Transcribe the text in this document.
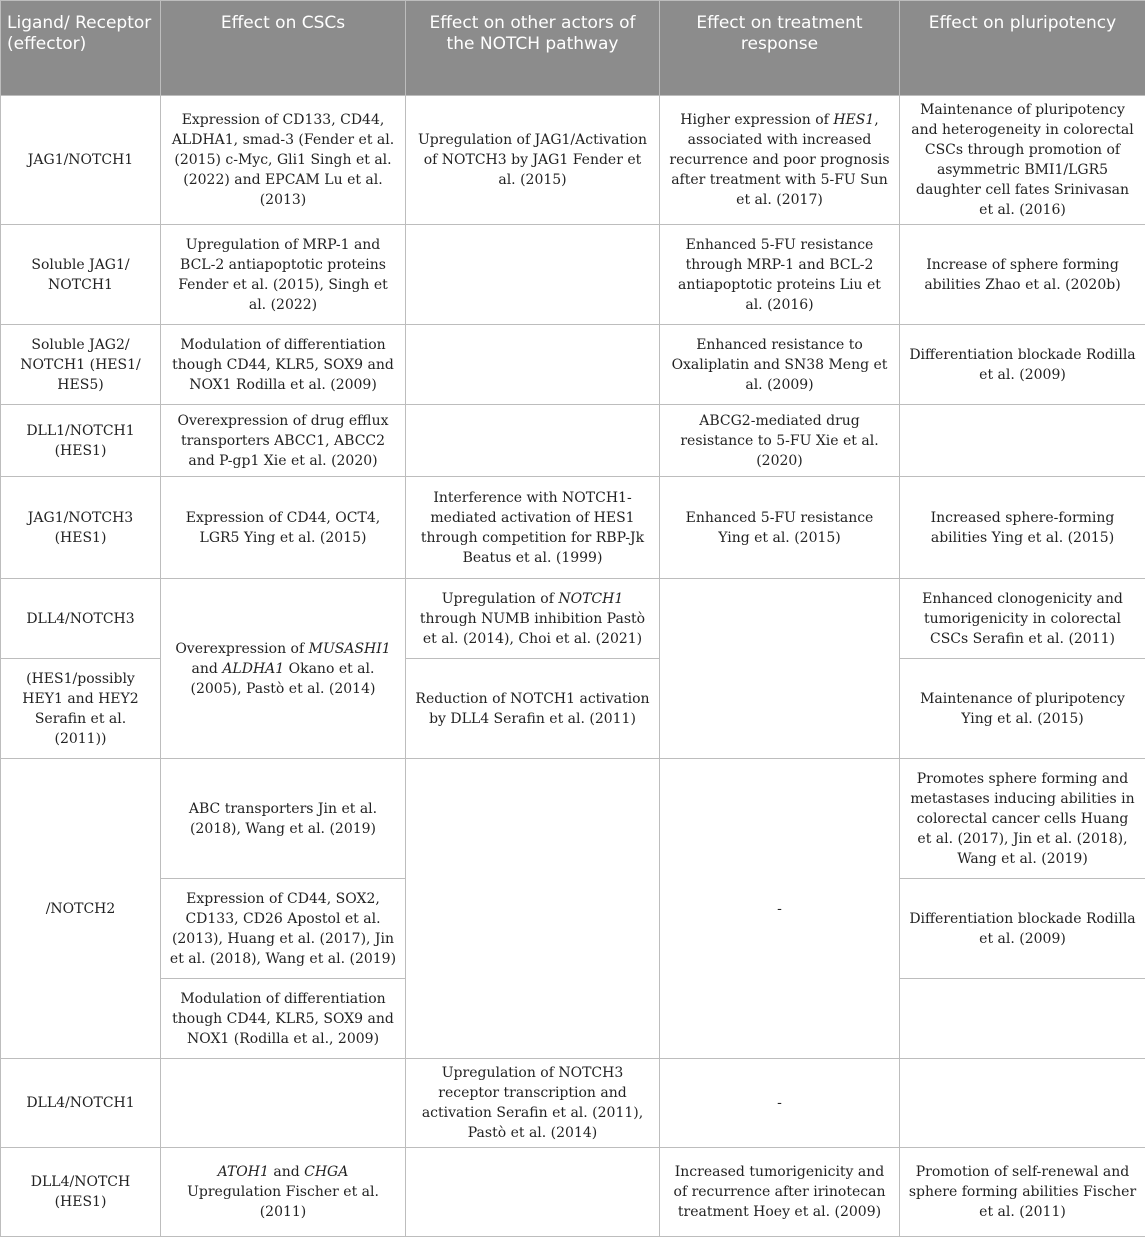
Ligand/ Receptor (effector)	Effect on CSCs	Effect on other actors of the NOTCH pathway	Effect on treatment response	Effect on pluripotency
JAG1/NOTCH1	Expression of CD133, CD44, ALDHA1, smad-3 (Fender et al. (2015) c-Myc, Gli1 Singh et al. (2022) and EPCAM Lu et al. (2013)	Upregulation of JAG1/Activation of NOTCH3 by JAG1 Fender et al. (2015)	Higher expression of HES1, associated with increased recurrence and poor prognosis after treatment with 5-FU Sun et al. (2017)	Maintenance of pluripotency and heterogeneity in colorectal CSCs through promotion of asymmetric BMI1/LGR5 daughter cell fates Srinivasan et al. (2016)
Soluble JAG1/ NOTCH1	Upregulation of MRP-1 and BCL-2 antiapoptotic proteins Fender et al. (2015), Singh et al. (2022)		Enhanced 5-FU resistance through MRP-1 and BCL-2 antiapoptotic proteins Liu et al. (2016)	Increase of sphere forming abilities Zhao et al. (2020b)
Soluble JAG2/ NOTCH1 (HES1/ HES5)	Modulation of differentiation though CD44, KLR5, SOX9 and NOX1 Rodilla et al. (2009)		Enhanced resistance to Oxaliplatin and SN38 Meng et al. (2009)	Differentiation blockade Rodilla et al. (2009)
DLL1/NOTCH1 (HES1)	Overexpression of drug efflux transporters ABCC1, ABCC2 and P-gp1 Xie et al. (2020)		ABCG2-mediated drug resistance to 5-FU Xie et al. (2020)	
JAG1/NOTCH3 (HES1)	Expression of CD44, OCT4, LGR5 Ying et al. (2015)	Interference with NOTCH1-mediated activation of HES1 through competition for RBP-Jk Beatus et al. (1999)	Enhanced 5-FU resistance Ying et al. (2015)	Increased sphere-forming abilities Ying et al. (2015)
DLL4/NOTCH3	Overexpression of MUSASHI1 and ALDHA1 Okano et al. (2005), Pastò et al. (2014)	Upregulation of NOTCH1 through NUMB inhibition Pastò et al. (2014), Choi et al. (2021)		Enhanced clonogenicity and tumorigenicity in colorectal CSCs Serafin et al. (2011)
(HES1/possibly HEY1 and HEY2 Serafin et al. (2011))		Reduction of NOTCH1 activation by DLL4 Serafin et al. (2011)		Maintenance of pluripotency Ying et al. (2015)
/NOTCH2	ABC transporters Jin et al. (2018), Wang et al. (2019)		-	Promotes sphere forming and metastases inducing abilities in colorectal cancer cells Huang et al. (2017), Jin et al. (2018), Wang et al. (2019)
	Expression of CD44, SOX2, CD133, CD26 Apostol et al. (2013), Huang et al. (2017), Jin et al. (2018), Wang et al. (2019)			Differentiation blockade Rodilla et al. (2009)
	Modulation of differentiation though CD44, KLR5, SOX9 and NOX1 (Rodilla et al., 2009)			
DLL4/NOTCH1		Upregulation of NOTCH3 receptor transcription and activation Serafin et al. (2011), Pastò et al. (2014)	-	
DLL4/NOTCH (HES1)	ATOH1 and CHGA Upregulation Fischer et al. (2011)		Increased tumorigenicity and of recurrence after irinotecan treatment Hoey et al. (2009)	Promotion of self-renewal and sphere forming abilities Fischer et al. (2011)
